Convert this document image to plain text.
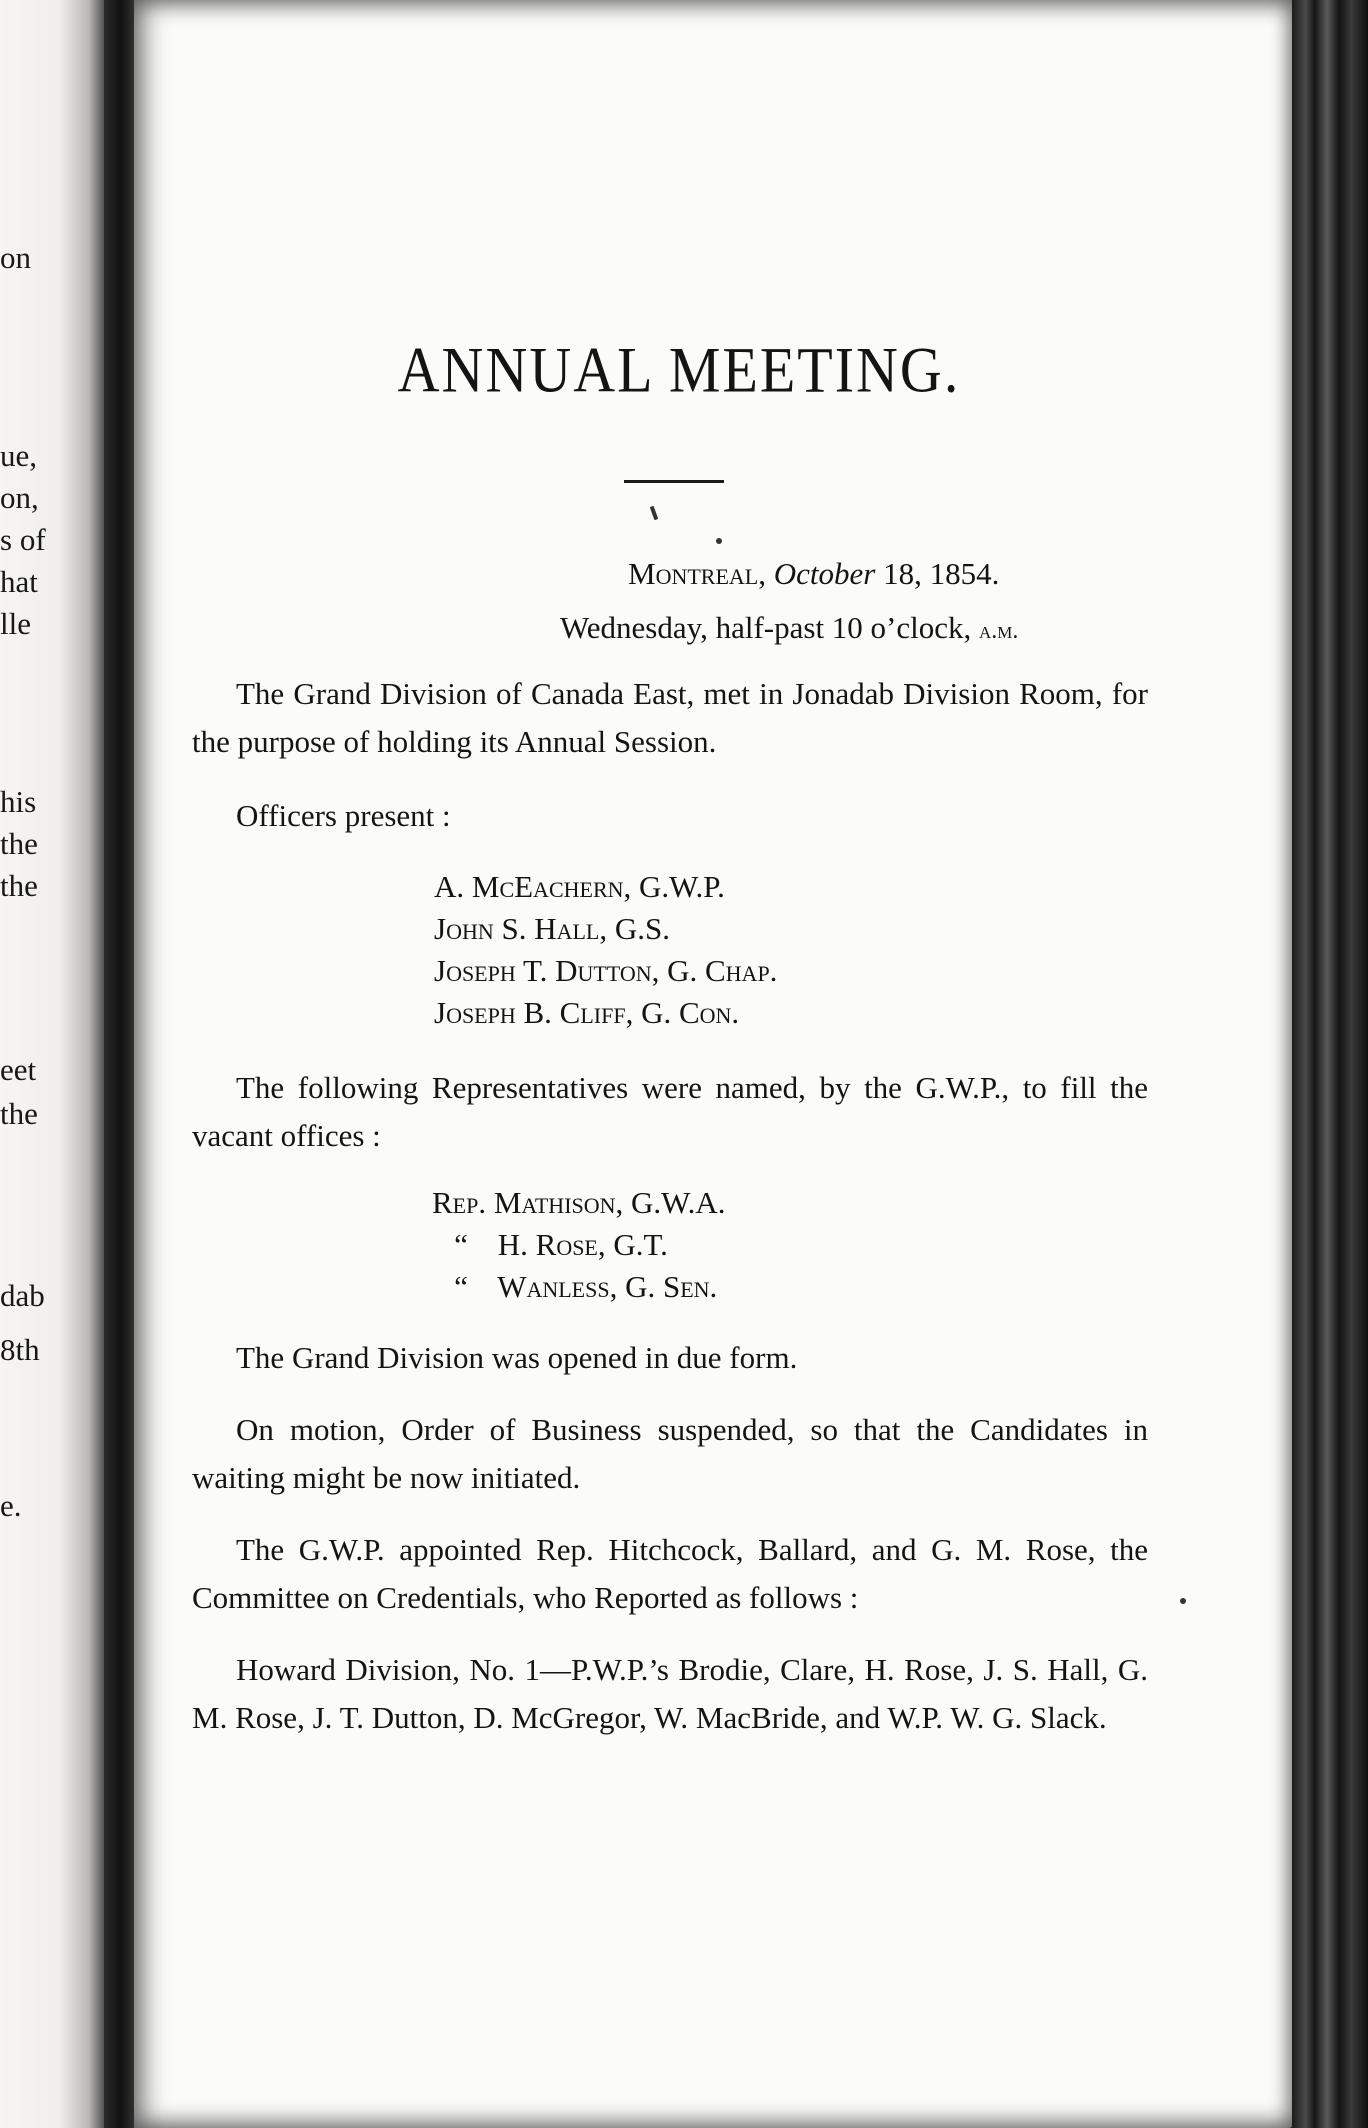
on
ue,
on,
s of
hat
lle
his
the
the
eet
the
dab
8th
e.
ANNUAL MEETING.
Montreal, October 18, 1854.
Wednesday, half-past 10 o’clock, a.m.

The Grand Division of Canada East, met in Jonadab Division Room, for the purpose of holding its Annual Session.

Officers present :

A. McEachern, G.W.P.
John S. Hall, G.S.
Joseph T. Dutton, G. Chap.
Joseph B. Cliff, G. Con.

The following Representatives were named, by the G.W.P., to fill the vacant offices :

Rep. Mathison, G.W.A.
“ H. Rose, G.T.
“ Wanless, G. Sen.

The Grand Division was opened in due form.

On motion, Order of Business suspended, so that the Candidates in waiting might be now initiated.

The G.W.P. appointed Rep. Hitchcock, Ballard, and G. M. Rose, the Committee on Credentials, who Reported as follows :

Howard Division, No. 1—P.W.P.’s Brodie, Clare, H. Rose, J. S. Hall, G. M. Rose, J. T. Dutton, D. McGregor, W. MacBride, and W.P. W. G. Slack.
